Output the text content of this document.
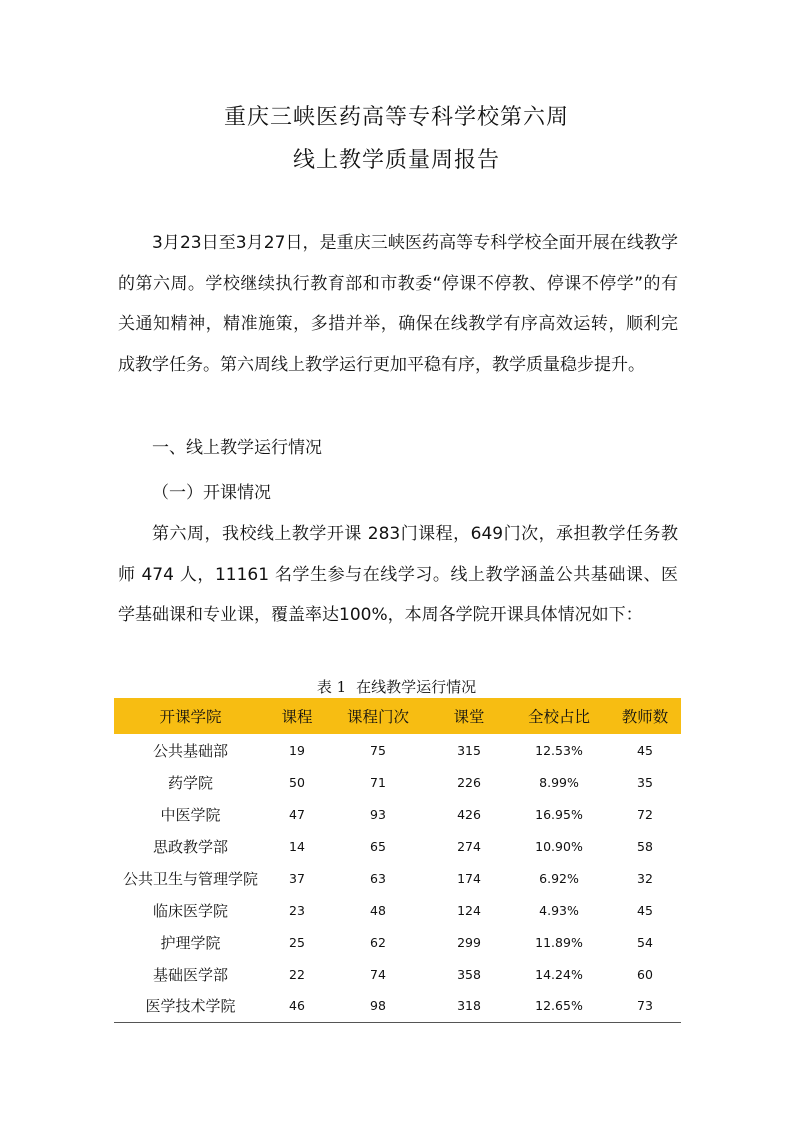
重庆三峡医药高等专科学校第六周
线上教学质量周报告

3月23日至3月27日，是重庆三峡医药高等专科学校全面开展在线教学的第六周。学校继续执行教育部和市教委“停课不停教、停课不停学”的有关通知精神，精准施策，多措并举，确保在线教学有序高效运转，顺利完成教学任务。第六周线上教学运行更加平稳有序，教学质量稳步提升。

一、线上教学运行情况

（一）开课情况

第六周，我校线上教学开课 283门课程，649门次，承担教学任务教师 474 人，11161 名学生参与在线学习。线上教学涵盖公共基础课、医学基础课和专业课，覆盖率达100%，本周各学院开课具体情况如下：

表 1 在线教学运行情况
开课学院	课程	课程门次	课堂	全校占比	教师数
公共基础部	19	75	315	12.53%	45
药学院	50	71	226	8.99%	35
中医学院	47	93	426	16.95%	72
思政教学部	14	65	274	10.90%	58
公共卫生与管理学院	37	63	174	6.92%	32
临床医学院	23	48	124	4.93%	45
护理学院	25	62	299	11.89%	54
基础医学部	22	74	358	14.24%	60
医学技术学院	46	98	318	12.65%	73
